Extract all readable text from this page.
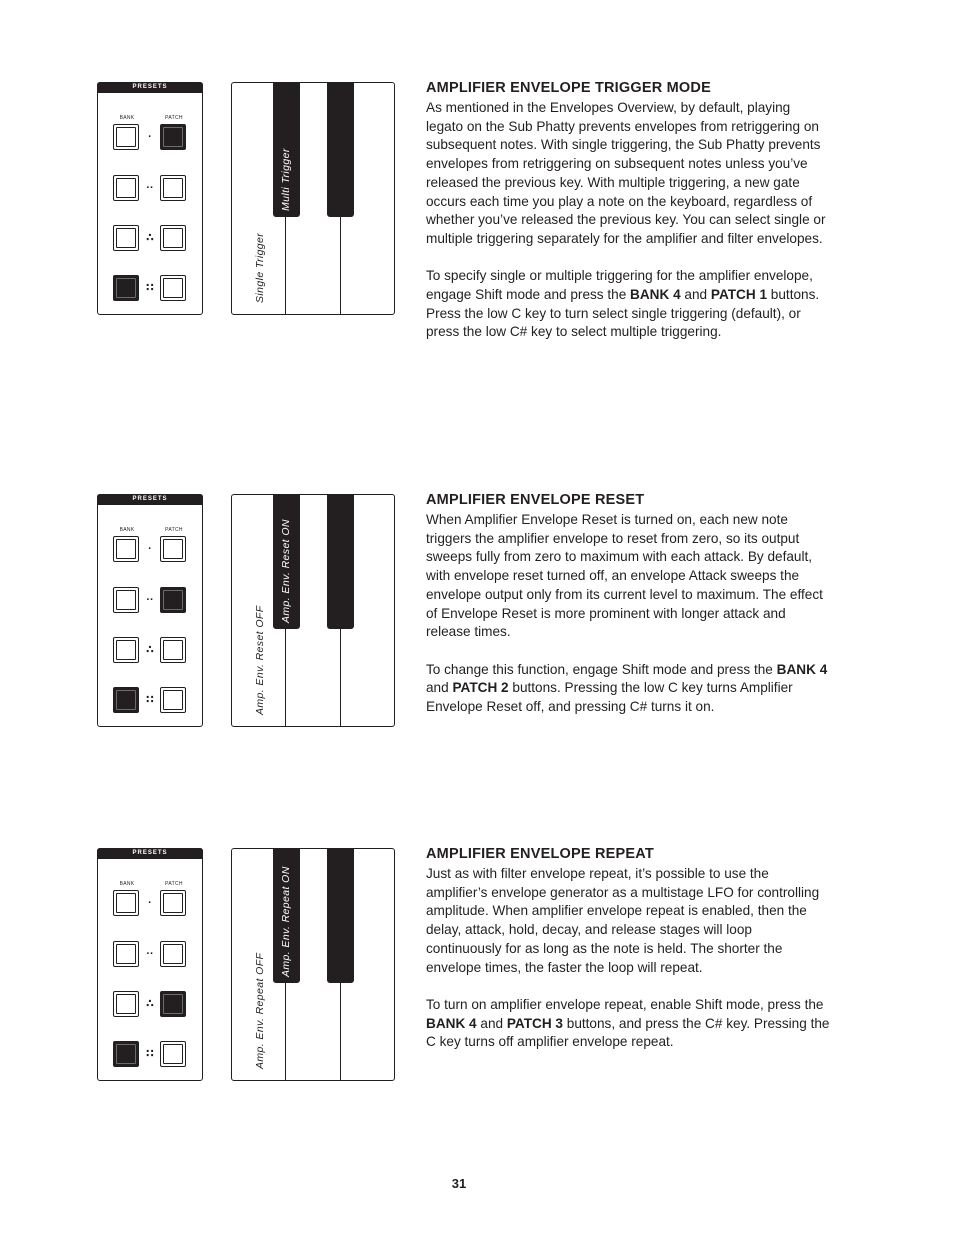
PRESETS
BANK	PATCH
·
··
∴
∷	Single Trigger
Multi Trigger
AMPLIFIER ENVELOPE TRIGGER MODE

As mentioned in the Envelopes Overview, by default, playing legato on the Sub Phatty prevents envelopes from retriggering on subsequent notes. With single triggering, the Sub Phatty prevents envelopes from retriggering on subsequent notes unless you’ve released the previous key. With multiple triggering, a new gate occurs each time you play a note on the keyboard, regardless of whether you’ve released the previous key. You can select single or multiple triggering separately for the amplifier and filter envelopes.

To specify single or multiple triggering for the amplifier envelope, engage Shift mode and press the BANK 4 and PATCH 1 buttons. Press the low C key to turn select single triggering (default), or press the low C# key to select multiple triggering.

PRESETS
BANK	PATCH
·
··
∴
∷	Amp. Env. Reset OFF
Amp. Env. Reset ON
AMPLIFIER ENVELOPE RESET

When Amplifier Envelope Reset is turned on, each new note triggers the amplifier envelope to reset from zero, so its output sweeps fully from zero to maximum with each attack. By default, with envelope reset turned off, an envelope Attack sweeps the envelope output only from its current level to maximum. The effect of Envelope Reset is more prominent with longer attack and release times.

To change this function, engage Shift mode and press the BANK 4 and PATCH 2 buttons. Pressing the low C key turns Amplifier Envelope Reset off, and pressing C# turns it on.

PRESETS
BANK	PATCH
·
··
∴
∷	Amp. Env. Repeat OFF
Amp. Env. Repeat ON
AMPLIFIER ENVELOPE REPEAT

Just as with filter envelope repeat, it’s possible to use the amplifier’s envelope generator as a multistage LFO for controlling amplitude. When amplifier envelope repeat is enabled, then the delay, attack, hold, decay, and release stages will loop continuously for as long as the note is held. The shorter the envelope times, the faster the loop will repeat.

To turn on amplifier envelope repeat, enable Shift mode, press the BANK 4 and PATCH 3 buttons, and press the C# key. Pressing the C key turns off amplifier envelope repeat.

31
